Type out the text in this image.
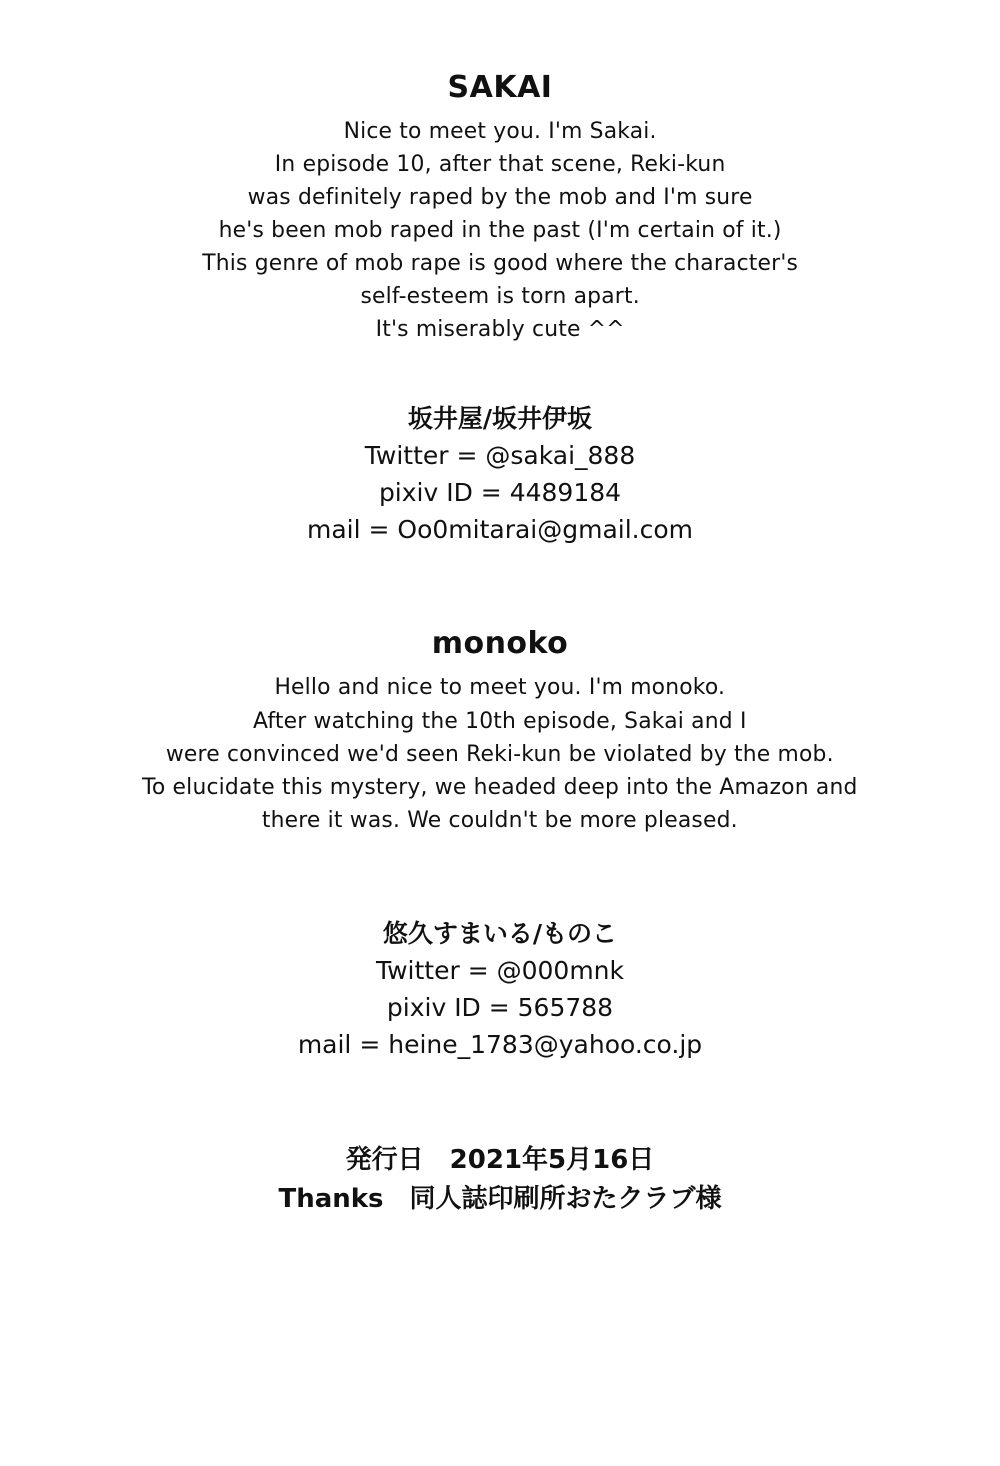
SAKAI
Nice to meet you. I'm Sakai.
In episode 10, after that scene, Reki-kun
was definitely raped by the mob and I'm sure
he's been mob raped in the past (I'm certain of it.)
This genre of mob rape is good where the character's
self-esteem is torn apart.
It's miserably cute ^^
坂井屋/坂井伊坂
Twitter = @sakai_888
pixiv ID = 4489184
mail = Oo0mitarai@gmail.com
monoko
Hello and nice to meet you. I'm monoko.
After watching the 10th episode, Sakai and I
were convinced we'd seen Reki-kun be violated by the mob.
To elucidate this mystery, we headed deep into the Amazon and
there it was. We couldn't be more pleased.
悠久すまいる/ものこ
Twitter = @000mnk
pixiv ID = 565788
mail = heine_1783@yahoo.co.jp
発行日　2021年5月16日
Thanks　同人誌印刷所おたクラブ様
